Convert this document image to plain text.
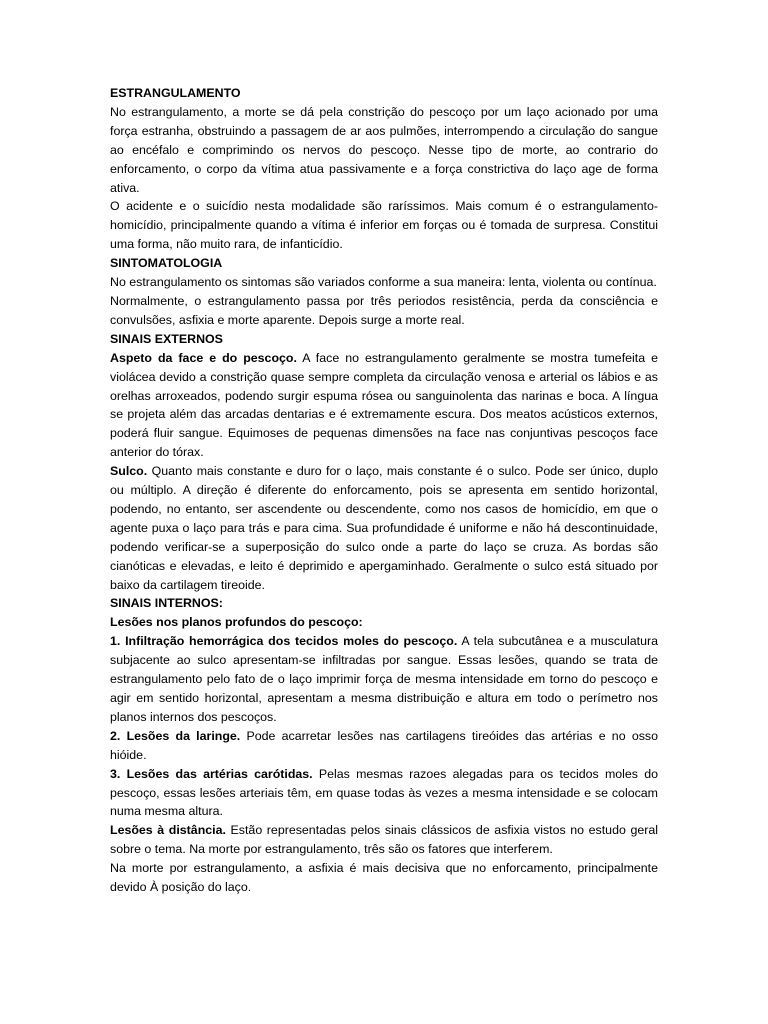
ESTRANGULAMENTO

No estrangulamento, a morte se dá pela constrição do pescoço por um laço acionado por uma força estranha, obstruindo a passagem de ar aos pulmões, interrompendo a circulação do sangue ao encéfalo e comprimindo os nervos do pescoço. Nesse tipo de morte, ao contrario do enforcamento, o corpo da vítima atua passivamente e a força constrictiva do laço age de forma ativa.

O acidente e o suicídio nesta modalidade são raríssimos. Mais comum é o estrangulamento-homicídio, principalmente quando a vítima é inferior em forças ou é tomada de surpresa. Constitui uma forma, não muito rara, de infanticídio.

SINTOMATOLOGIA

No estrangulamento os sintomas são variados conforme a sua maneira: lenta, violenta ou contínua.

Normalmente, o estrangulamento passa por três periodos resistência, perda da consciência e convulsões, asfixia e morte aparente. Depois surge a morte real.

SINAIS EXTERNOS

Aspeto da face e do pescoço. A face no estrangulamento geralmente se mostra tumefeita e violácea devido a constrição quase sempre completa da circulação venosa e arterial os lábios e as orelhas arroxeados, podendo surgir espuma rósea ou sanguinolenta das narinas e boca. A língua se projeta além das arcadas dentarias e é extremamente escura. Dos meatos acústicos externos, poderá fluir sangue. Equimoses de pequenas dimensões na face nas conjuntivas pescoços face anterior do tórax.

Sulco. Quanto mais constante e duro for o laço, mais constante é o sulco. Pode ser único, duplo ou múltiplo. A direção é diferente do enforcamento, pois se apresenta em sentido horizontal, podendo, no entanto, ser ascendente ou descendente, como nos casos de homicídio, em que o agente puxa o laço para trás e para cima. Sua profundidade é uniforme e não há descontinuidade, podendo verificar-se a superposição do sulco onde a parte do laço se cruza. As bordas são cianóticas e elevadas, e leito é deprimido e apergaminhado. Geralmente o sulco está situado por baixo da cartilagem tireoide.

SINAIS INTERNOS:

Lesões nos planos profundos do pescoço:

1. Infiltração hemorrágica dos tecidos moles do pescoço. A tela subcutânea e a musculatura subjacente ao sulco apresentam-se infiltradas por sangue. Essas lesões, quando se trata de estrangulamento pelo fato de o laço imprimir força de mesma intensidade em torno do pescoço e agir em sentido horizontal, apresentam a mesma distribuição e altura em todo o perímetro nos planos internos dos pescoços.

2. Lesões da laringe. Pode acarretar lesões nas cartilagens tireóides das artérias e no osso hióide.

3. Lesões das artérias carótidas. Pelas mesmas razoes alegadas para os tecidos moles do pescoço, essas lesões arteriais têm, em quase todas às vezes a mesma intensidade e se colocam numa mesma altura.

Lesões à distância. Estão representadas pelos sinais clássicos de asfixia vistos no estudo geral sobre o tema. Na morte por estrangulamento, três são os fatores que interferem.

Na morte por estrangulamento, a asfixia é mais decisiva que no enforcamento, principalmente devido À posição do laço.
